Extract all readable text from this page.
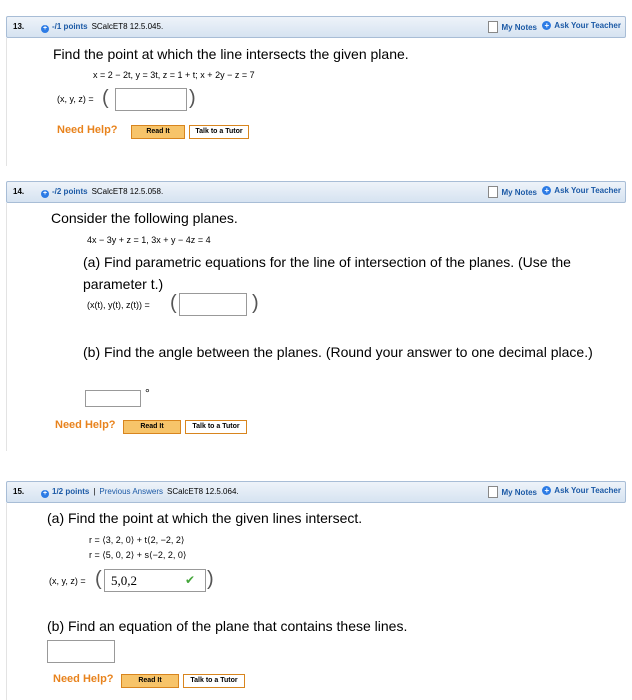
13.	+ -/1 points SCalcET8 12.5.045.	My Notes + Ask Your Teacher
Find the point at which the line intersects the given plane.
x = 2 − 2t, y = 3t, z = 1 + t; x + 2y − z = 7
(x, y, z) = (	)
Need Help?	Read It	Talk to a Tutor
14.	+ -/2 points SCalcET8 12.5.058.	My Notes + Ask Your Teacher
Consider the following planes.
4x − 3y + z = 1, 3x + y − 4z = 4
(a) Find parametric equations for the line of intersection of the planes. (Use the parameter t.)
(x(t), y(t), z(t)) = (	)
(b) Find the angle between the planes. (Round your answer to one decimal place.)
°
Need Help?	Read It	Talk to a Tutor
15.	+ 1/2 points | Previous Answers SCalcET8 12.5.064.	My Notes + Ask Your Teacher
(a) Find the point at which the given lines intersect.
r = ⟨3, 2, 0⟩ + t⟨2, −2, 2⟩
r = ⟨5, 0, 2⟩ + s⟨−2, 2, 0⟩
(x, y, z) = ( 5,0,2	✔ )
(b) Find an equation of the plane that contains these lines.
Need Help?	Read It	Talk to a Tutor
